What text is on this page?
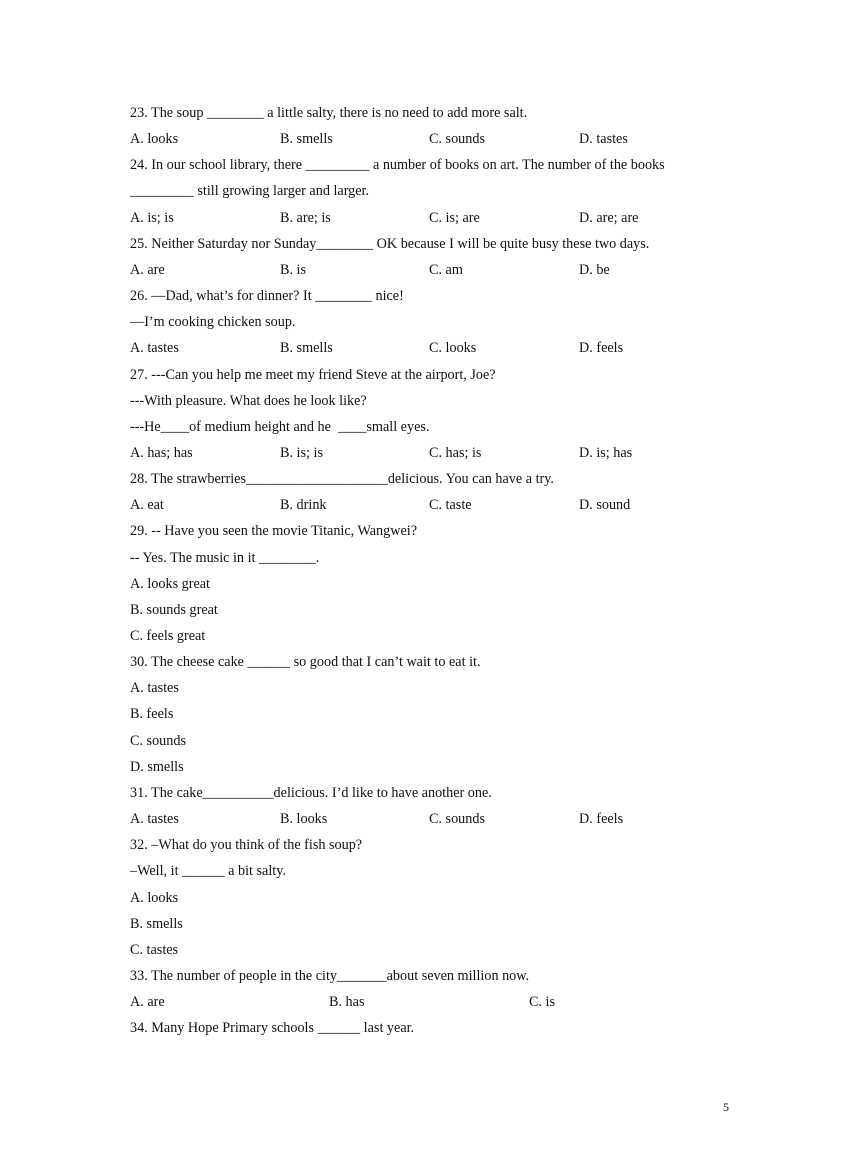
23. The soup ________ a little salty, there is no need to add more salt.
A. looks	B. smells	C. sounds	D. tastes
24. In our school library, there _________ a number of books on art. The number of the books
_________ still growing larger and larger.
A. is; is	B. are; is	C. is; are	D. are; are
25. Neither Saturday nor Sunday________ OK because I will be quite busy these two days.
A. are	B. is	C. am	D. be
26. —Dad, what’s for dinner? It ________ nice!
—I’m cooking chicken soup.
A. tastes	B. smells	C. looks	D. feels
27. ---Can you help me meet my friend Steve at the airport, Joe?
---With pleasure. What does he look like?
---He____of medium height and he  ____small eyes.
A. has; has	B. is; is	C. has; is	D. is; has
28. The strawberries____________________delicious. You can have a try.
A. eat	B. drink	C. taste	D. sound
29. -- Have you seen the movie Titanic, Wangwei?
-- Yes. The music in it ________.
A. looks great
B. sounds great
C. feels great
30. The cheese cake ______ so good that I can’t wait to eat it.
A. tastes
B. feels
C. sounds
D. smells
31. The cake__________delicious. I’d like to have another one.
A. tastes	B. looks	C. sounds	D. feels
32. –What do you think of the fish soup?
–Well, it ______ a bit salty.
A. looks
B. smells
C. tastes
33. The number of people in the city_______about seven million now.
A. are	B. has	C. is
34. Many Hope Primary schools ______ last year.
5
